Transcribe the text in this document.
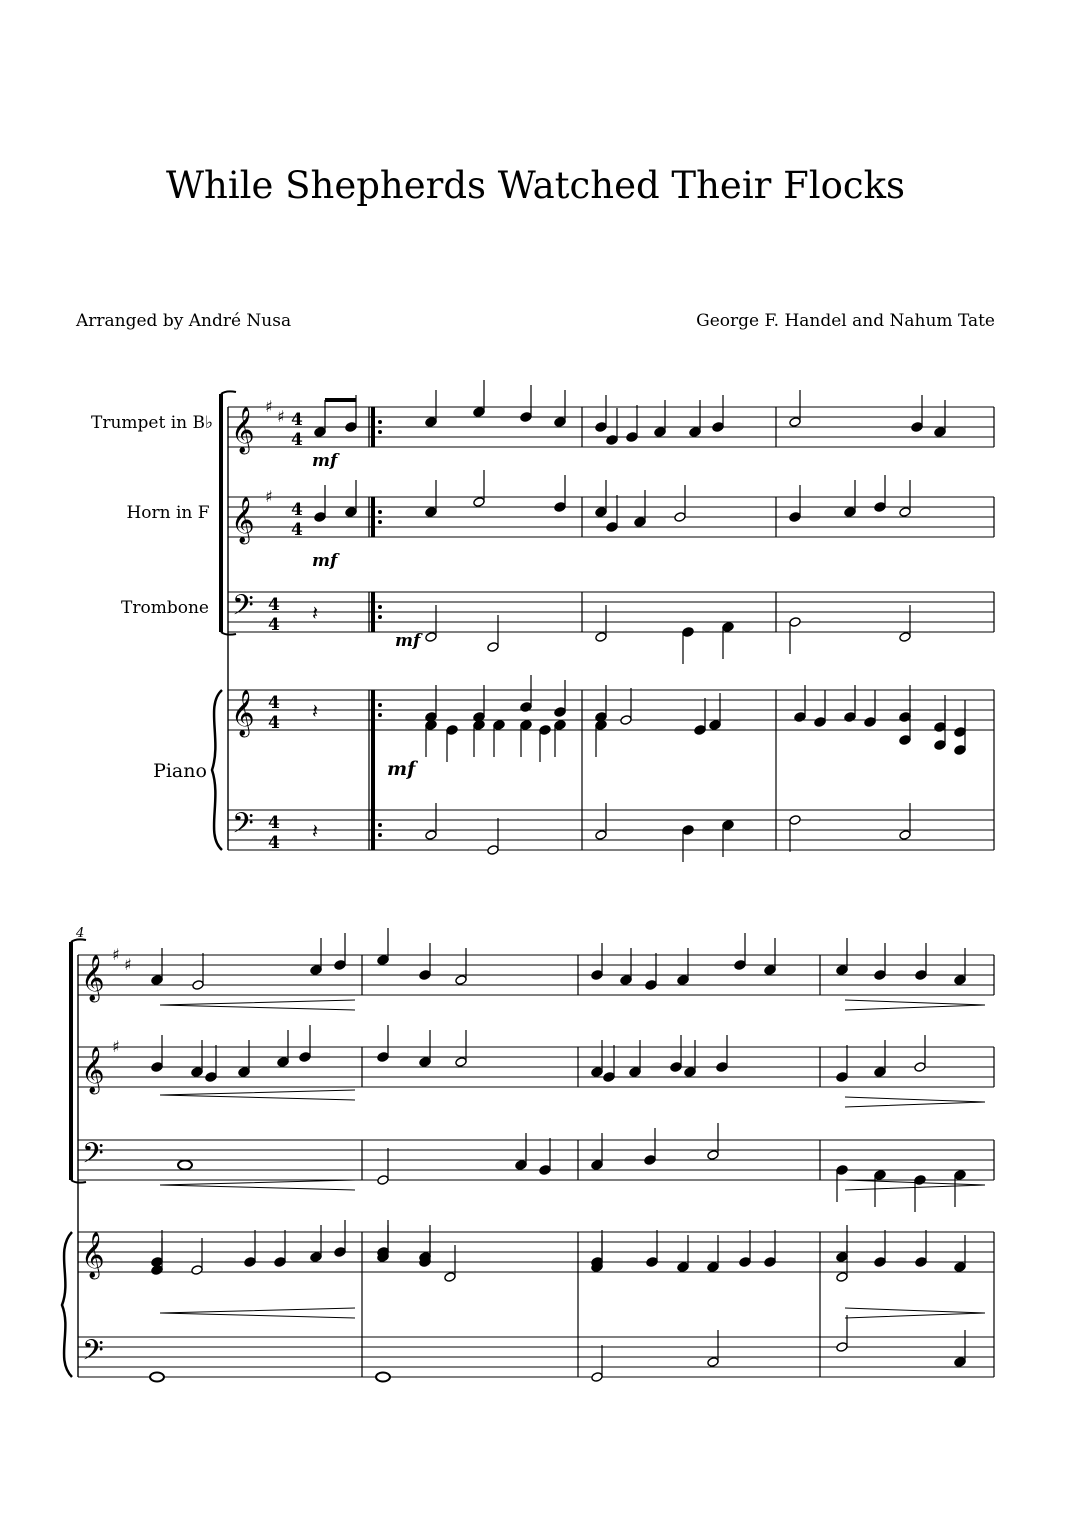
While Shepherds Watched Their Flocks
Arranged by André Nusa	George F. Handel and Nahum Tate
𝄞
𝄞
𝄢
𝄞
𝄢
♯
♯
♯
4
4
4
4
4
4
4
4
4
4
𝄽
𝄽
𝄽
𝄞
𝄞
𝄢
𝄞
𝄢
♯
♯
♯
Trumpet in B♭
Horn in F
Trombone
Piano
mf
mf
mf
mf
4
